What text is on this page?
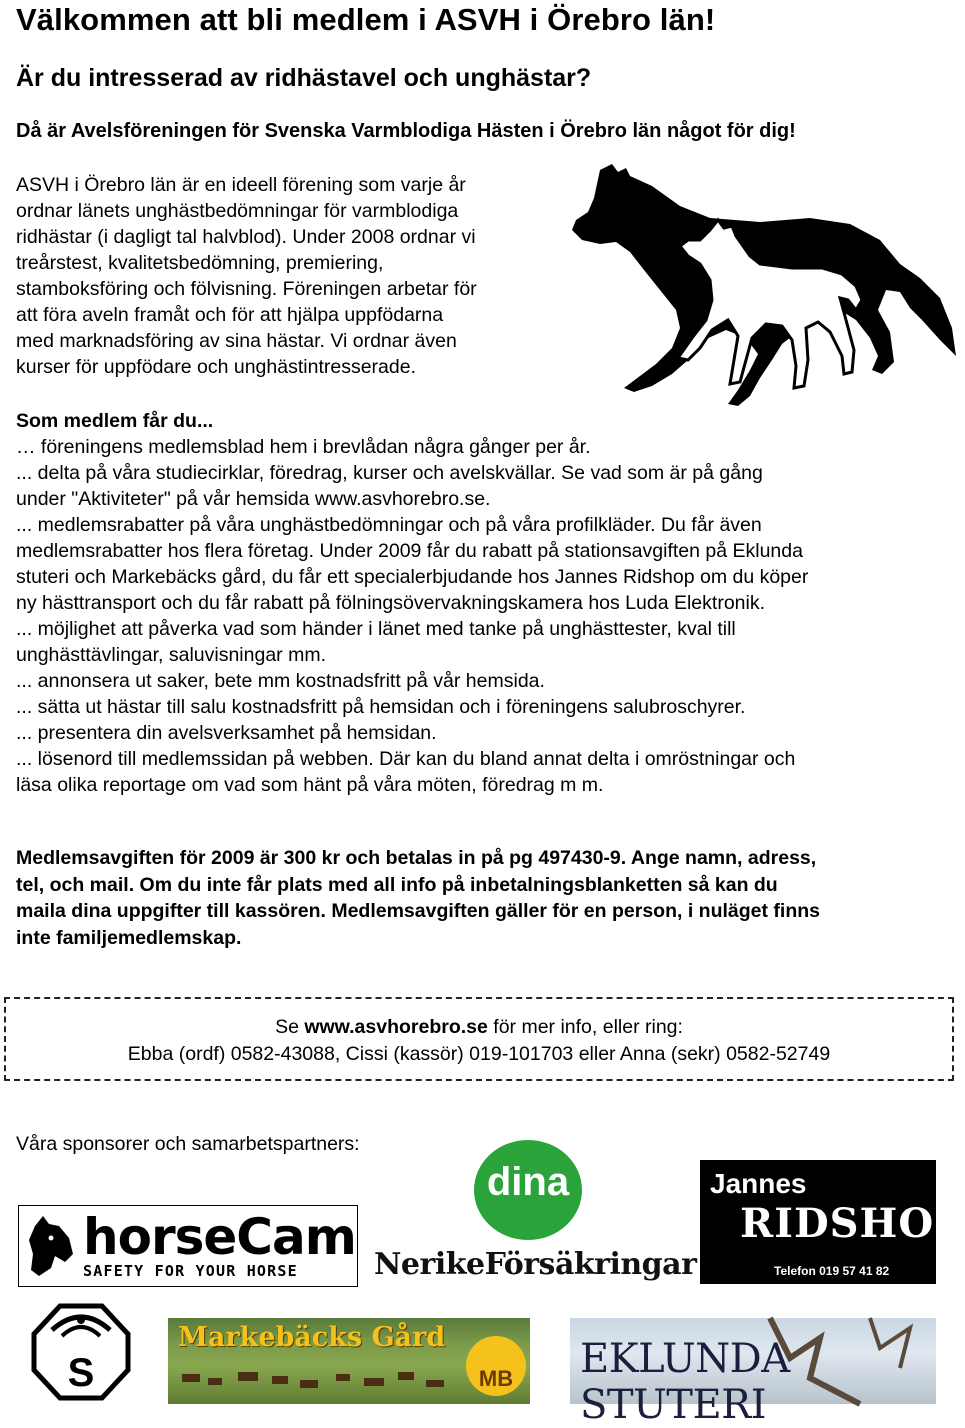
Välkommen att bli medlem i ASVH i Örebro län!
Är du intresserad av ridhästavel och unghästar?
Då är Avelsföreningen för Svenska Varmblodiga Hästen i Örebro län något för dig!
ASVH i Örebro län är en ideell förening som varje år
ordnar länets unghästbedömningar för varmblodiga
ridhästar (i dagligt tal halvblod). Under 2008 ordnar vi
treårstest, kvalitetsbedömning, premiering,
stamboksföring och fölvisning. Föreningen arbetar för
att föra aveln framåt och för att hjälpa uppfödarna
med marknadsföring av sina hästar. Vi ordnar även
kurser för uppfödare och unghästintresserade.
Som medlem får du...
… föreningens medlemsblad hem i brevlådan några gånger per år.
... delta på våra studiecirklar, föredrag, kurser och avelskvällar. Se vad som är på gång
under "Aktiviteter" på vår hemsida www.asvhorebro.se.
... medlemsrabatter på våra unghästbedömningar och på våra profilkläder. Du får även
medlemsrabatter hos flera företag. Under 2009 får du rabatt på stationsavgiften på Eklunda
stuteri och Markebäcks gård, du får ett specialerbjudande hos Jannes Ridshop om du köper
ny hästtransport och du får rabatt på fölningsövervakningskamera hos Luda Elektronik.
... möjlighet att påverka vad som händer i länet med tanke på unghästtester, kval till
unghästtävlingar, saluvisningar mm.
... annonsera ut saker, bete mm kostnadsfritt på vår hemsida.
... sätta ut hästar till salu kostnadsfritt på hemsidan och i föreningens salubroschyrer.
... presentera din avelsverksamhet på hemsidan.
... lösenord till medlemssidan på webben. Där kan du bland annat delta i omröstningar och
läsa olika reportage om vad som hänt på våra möten, föredrag m m.
Medlemsavgiften för 2009 är 300 kr och betalas in på pg 497430-9. Ange namn, adress,
tel, och mail. Om du inte får plats med all info på inbetalningsblanketten så kan du
maila dina uppgifter till kassören. Medlemsavgiften gäller för en person, i nuläget finns
inte familjemedlemskap.
Se www.asvhorebro.se för mer info, eller ring:
Ebba (ordf) 0582-43088, Cissi (kassör) 019-101703 eller Anna (sekr) 0582-52749
Våra sponsorer och samarbetspartners:
horseCam
SAFETY FOR YOUR HORSE
dina
NerikeFörsäkringar
Jannes
RIDSHOP
Telefon 019 57 41 82
S
Markebäcks Gård
MB EKLUNDA STUTERI
